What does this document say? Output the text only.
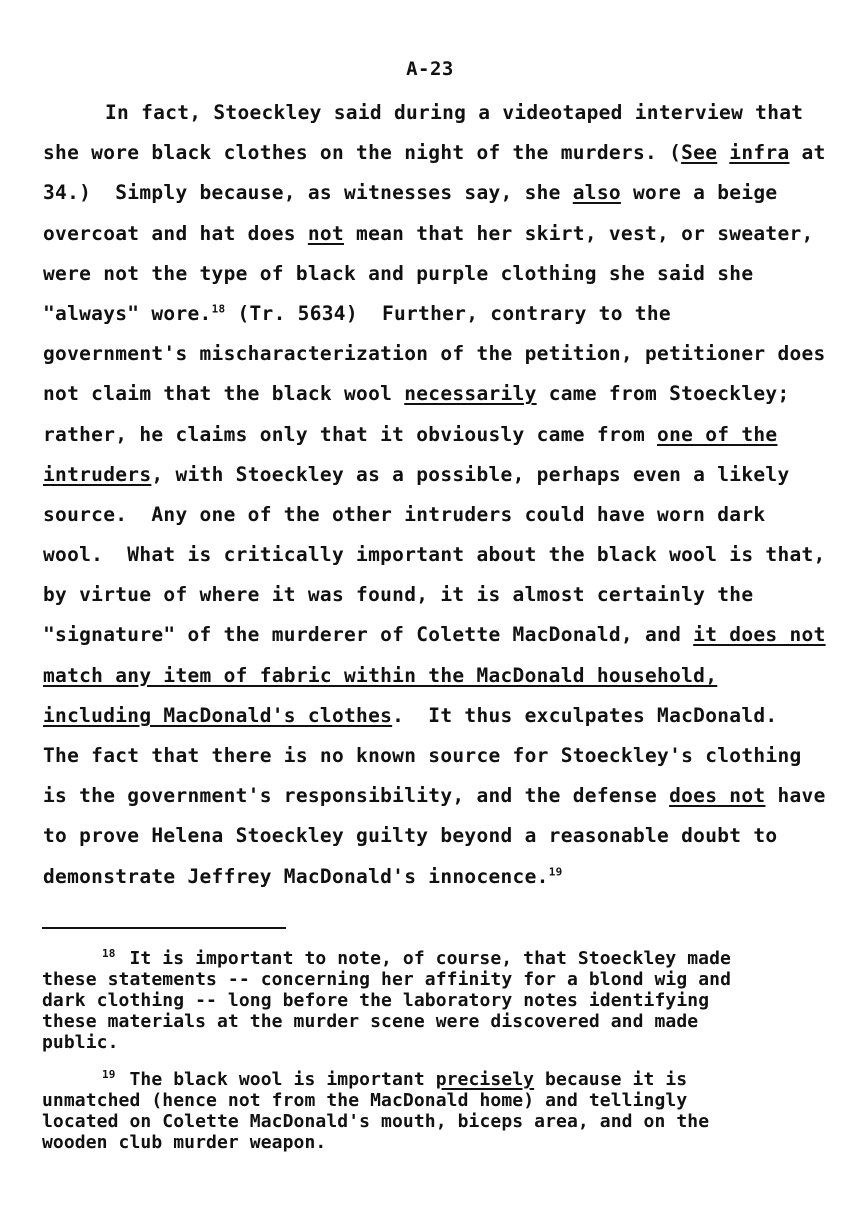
A-23
In fact, Stoeckley said during a videotaped interview that
she wore black clothes on the night of the murders. (See infra at
34.)  Simply because, as witnesses say, she also wore a beige
overcoat and hat does not mean that her skirt, vest, or sweater,
were not the type of black and purple clothing she said she
"always" wore.$^{18}$ (Tr. 5634)  Further, contrary to the
government's mischaracterization of the petition, petitioner does
not claim that the black wool necessarily came from Stoeckley;
rather, he claims only that it obviously came from one of the
intruders, with Stoeckley as a possible, perhaps even a likely
source.  Any one of the other intruders could have worn dark
wool.  What is critically important about the black wool is that,
by virtue of where it was found, it is almost certainly the
"signature" of the murderer of Colette MacDonald, and it does not
match any item of fabric within the MacDonald household,
including MacDonald's clothes.  It thus exculpates MacDonald.
The fact that there is no known source for Stoeckley's clothing
is the government's responsibility, and the defense does not have
to prove Helena Stoeckley guilty beyond a reasonable doubt to
demonstrate Jeffrey MacDonald's innocence.$^{19}$
$^{18}$ It is important to note, of course, that Stoeckley made
these statements -- concerning her affinity for a blond wig and
dark clothing -- long before the laboratory notes identifying
these materials at the murder scene were discovered and made
public.
$^{19}$ The black wool is important precisely because it is
unmatched (hence not from the MacDonald home) and tellingly
located on Colette MacDonald's mouth, biceps area, and on the
wooden club murder weapon.
